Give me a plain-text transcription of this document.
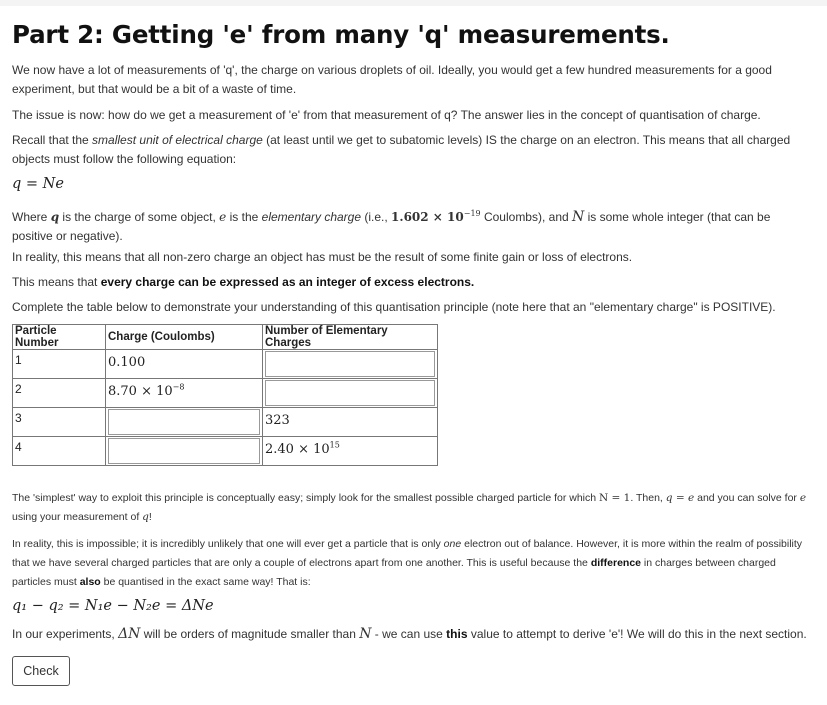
Part 2: Getting 'e' from many 'q' measurements.

We now have a lot of measurements of 'q', the charge on various droplets of oil. Ideally, you would get a few hundred measurements for a good experiment, but that would be a bit of a waste of time.

The issue is now: how do we get a measurement of 'e' from that measurement of q? The answer lies in the concept of quantisation of charge.

Recall that the smallest unit of electrical charge (at least until we get to subatomic levels) IS the charge on an electron. This means that all charged objects must follow the following equation:

q = Ne

Where q is the charge of some object, e is the elementary charge (i.e., $1.602 \times 10^{-19}$ Coulombs), and N is some whole integer (that can be positive or negative).

In reality, this means that all non-zero charge an object has must be the result of some finite gain or loss of electrons.

This means that every charge can be expressed as an integer of excess electrons.

Complete the table below to demonstrate your understanding of this quantisation principle (note here that an "elementary charge" is POSITIVE).

Particle Number	Charge (Coulombs)	Number of Elementary Charges
1	0.100	

2	$8.70 \times 10^{-8}$	

3		323
4		$2.40 \times 10^{15}$

The 'simplest' way to exploit this principle is conceptually easy; simply look for the smallest possible charged particle for which N = 1. Then, q = e and you can solve for e using your measurement of q!

In reality, this is impossible; it is incredibly unlikely that one will ever get a particle that is only one electron out of balance. However, it is more within the realm of possibility that we have several charged particles that are only a couple of electrons apart from one another. This is useful because the difference in charges between charged particles must also be quantised in the exact same way! That is:

q₁ − q₂ = N₁e − N₂e = ΔNe

In our experiments, ΔN will be orders of magnitude smaller than N - we can use this value to attempt to derive 'e'! We will do this in the next section.

Check
